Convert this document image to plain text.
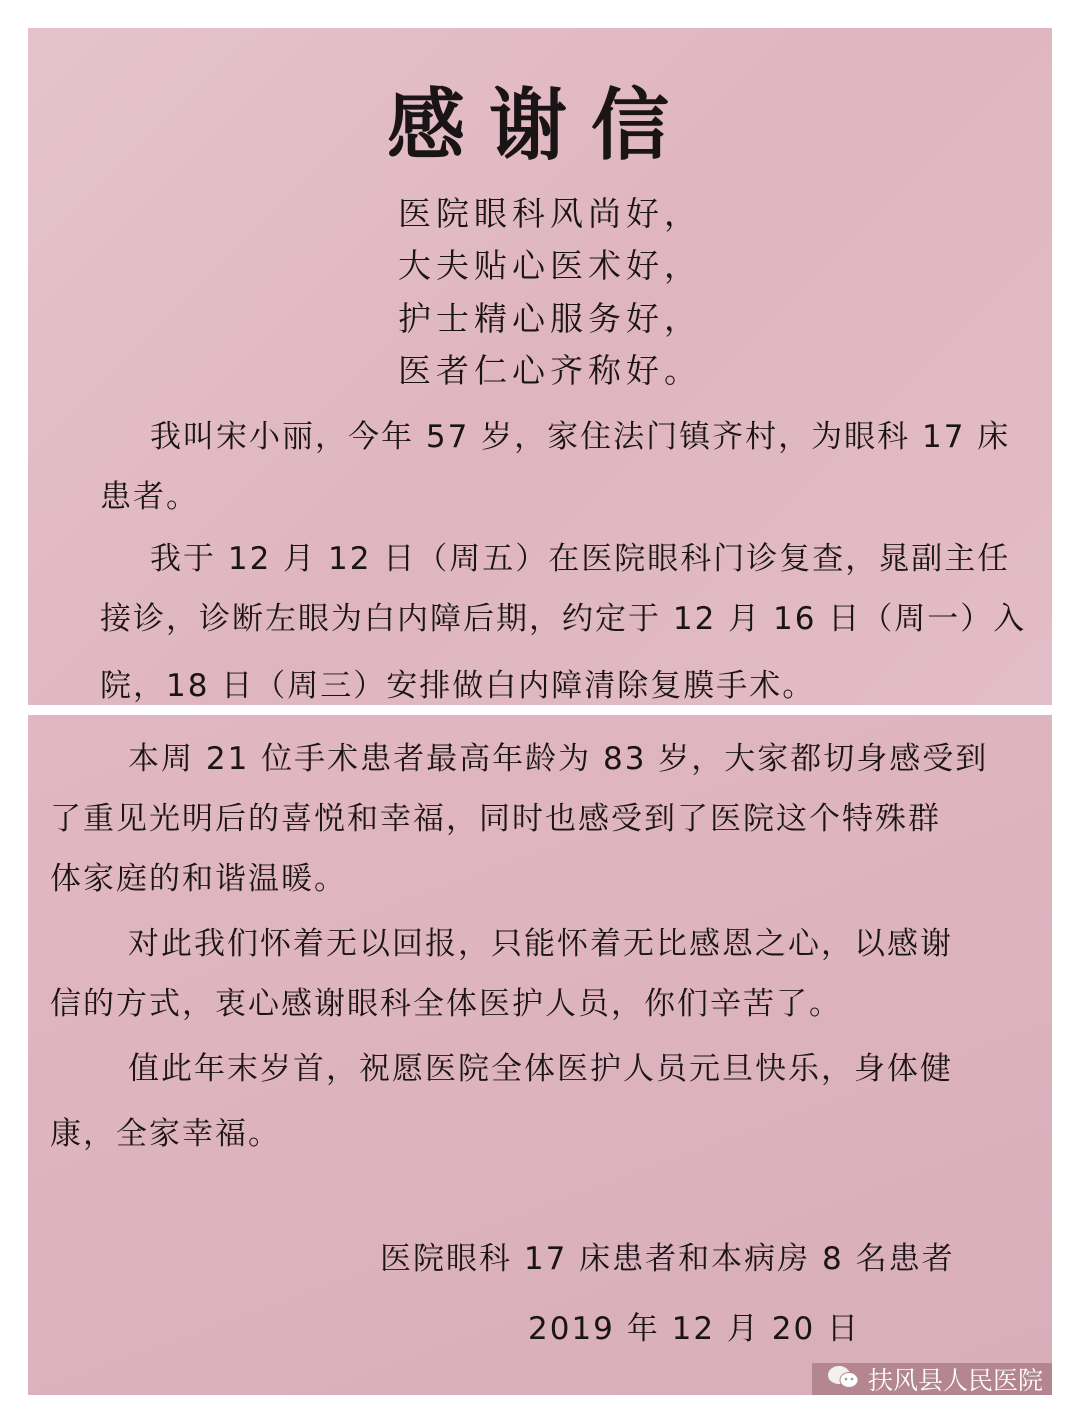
感谢信
医院眼科风尚好，
大夫贴心医术好，
护士精心服务好，
医者仁心齐称好。
我叫宋小丽，今年 57 岁，家住法门镇齐村，为眼科 17 床
患者。
我于 12 月 12 日（周五）在医院眼科门诊复查，晁副主任
接诊，诊断左眼为白内障后期，约定于 12 月 16 日（周一）入
院，18 日（周三）安排做白内障清除复膜手术。
本周 21 位手术患者最高年龄为 83 岁，大家都切身感受到
了重见光明后的喜悦和幸福，同时也感受到了医院这个特殊群
体家庭的和谐温暖。
对此我们怀着无以回报，只能怀着无比感恩之心，以感谢
信的方式，衷心感谢眼科全体医护人员，你们辛苦了。
值此年末岁首，祝愿医院全体医护人员元旦快乐，身体健
康，全家幸福。
医院眼科 17 床患者和本病房 8 名患者
2019 年 12 月 20 日
扶风县人民医院
